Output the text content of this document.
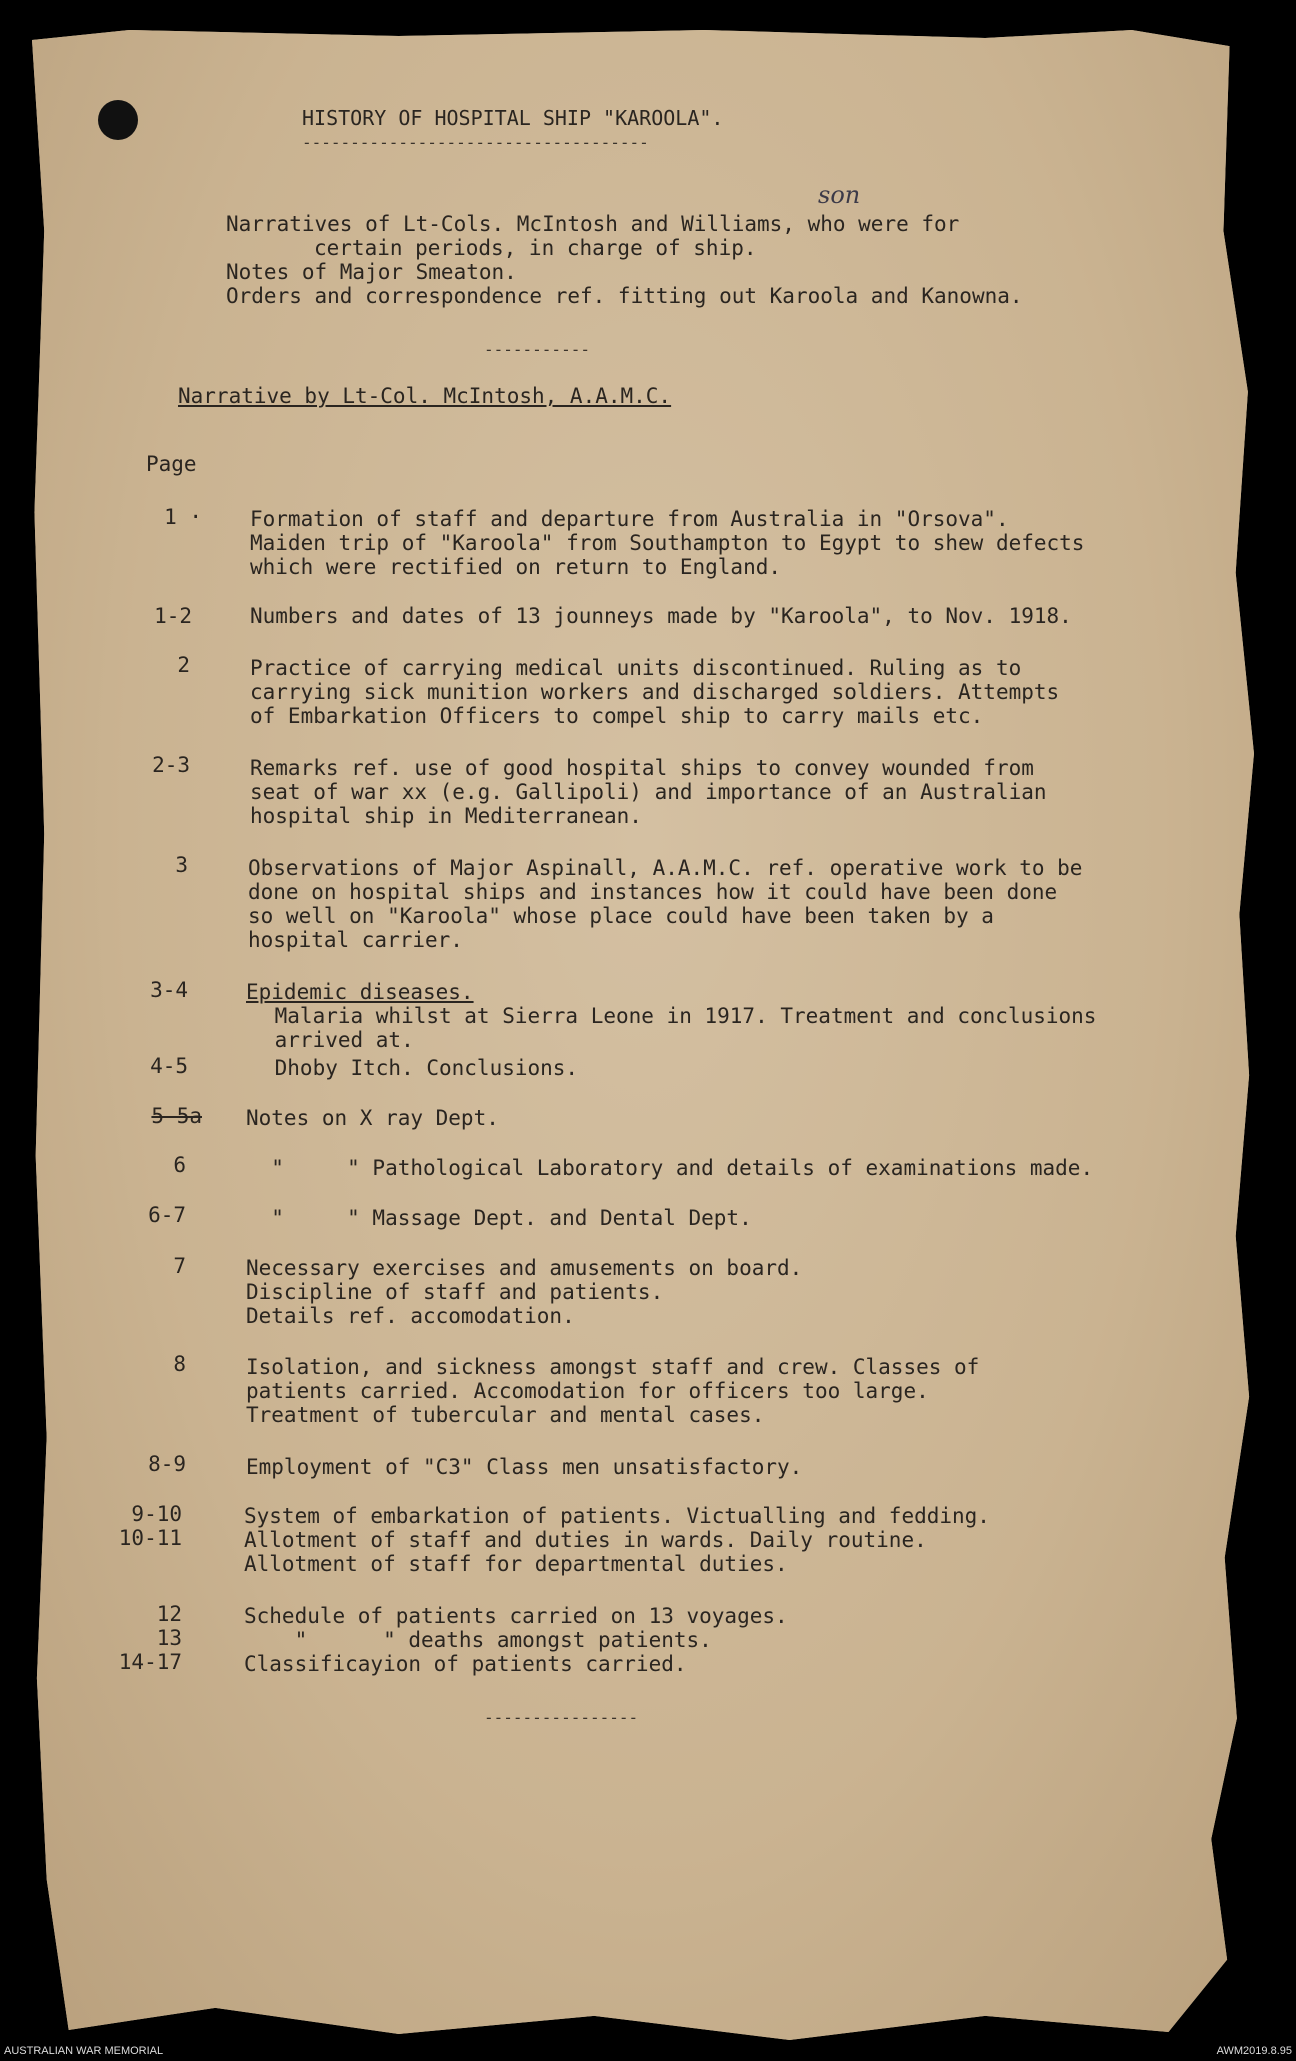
HISTORY OF HOSPITAL SHIP "KAROOLA".
------------------------------------
son
Narratives of Lt-Cols. McIntosh and Williams, who were for
certain periods, in charge of ship.
Notes of Major Smeaton.
Orders and correspondence ref. fitting out Karoola and Kanowna.
-----------
Narrative by Lt-Col. McIntosh, A.A.M.C.
Page
1 · Formation of staff and departure from Australia in "Orsova".
Maiden trip of "Karoola" from Southampton to Egypt to shew defects
which were rectified on return to England.
1-2	Numbers and dates of 13 jounneys made by "Karoola", to Nov. 1918.
2	Practice of carrying medical units discontinued. Ruling as to
carrying sick munition workers and discharged soldiers. Attempts
of Embarkation Officers to compel ship to carry mails etc.
2-3	Remarks ref. use of good hospital ships to convey wounded from
seat of war xx (e.g. Gallipoli) and importance of an Australian
hospital ship in Mediterranean.
3	Observations of Major Aspinall, A.A.M.C. ref. operative work to be
done on hospital ships and instances how it could have been done
so well on "Karoola" whose place could have been taken by a
hospital carrier.
3-4	Epidemic diseases.
Malaria whilst at Sierra Leone in 1917. Treatment and conclusions
arrived at.
4-5	Dhoby Itch. Conclusions.
5-5a Notes on X ray Dept.
6	"     " Pathological Laboratory and details of examinations made.
6-7	"     " Massage Dept. and Dental Dept.
7	Necessary exercises and amusements on board.
Discipline of staff and patients.
Details ref. accomodation.
8	Isolation, and sickness amongst staff and crew. Classes of
patients carried. Accomodation for officers too large.
Treatment of tubercular and mental cases.
8-9	Employment of "C3" Class men unsatisfactory.
9-10	System of embarkation of patients. Victualling and fedding.
10-11	Allotment of staff and duties in wards. Daily routine.
Allotment of staff for departmental duties.
12	Schedule of patients carried on 13 voyages.
13	"      " deaths amongst patients.
14-17	Classificayion of patients carried.
----------------
AUSTRALIAN WAR MEMORIAL	AWM2019.8.95
